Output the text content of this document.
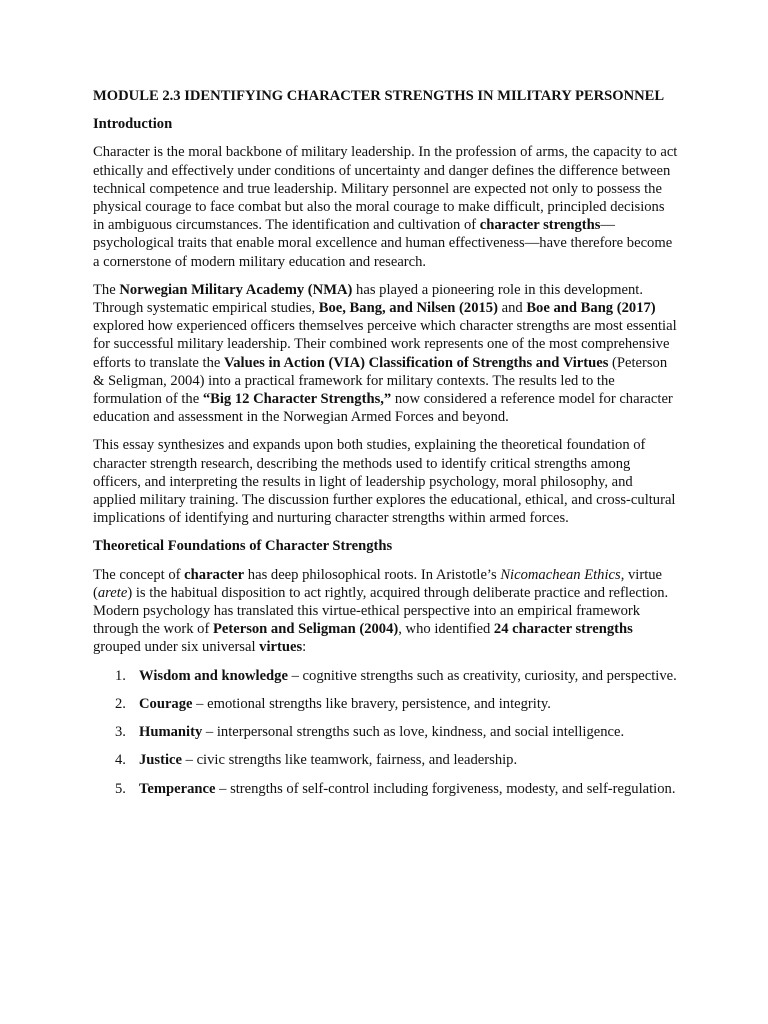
MODULE 2.3 IDENTIFYING CHARACTER STRENGTHS IN MILITARY PERSONNEL
Introduction
Character is the moral backbone of military leadership. In the profession of arms, the capacity to act ethically and effectively under conditions of uncertainty and danger defines the difference between technical competence and true leadership. Military personnel are expected not only to possess the physical courage to face combat but also the moral courage to make difficult, principled decisions in ambiguous circumstances. The identification and cultivation of character strengths—psychological traits that enable moral excellence and human effectiveness—have therefore become a cornerstone of modern military education and research.
The Norwegian Military Academy (NMA) has played a pioneering role in this development. Through systematic empirical studies, Boe, Bang, and Nilsen (2015) and Boe and Bang (2017) explored how experienced officers themselves perceive which character strengths are most essential for successful military leadership. Their combined work represents one of the most comprehensive efforts to translate the Values in Action (VIA) Classification of Strengths and Virtues (Peterson & Seligman, 2004) into a practical framework for military contexts. The results led to the formulation of the “Big 12 Character Strengths,” now considered a reference model for character education and assessment in the Norwegian Armed Forces and beyond.
This essay synthesizes and expands upon both studies, explaining the theoretical foundation of character strength research, describing the methods used to identify critical strengths among officers, and interpreting the results in light of leadership psychology, moral philosophy, and applied military training. The discussion further explores the educational, ethical, and cross-cultural implications of identifying and nurturing character strengths within armed forces.
Theoretical Foundations of Character Strengths
The concept of character has deep philosophical roots. In Aristotle’s Nicomachean Ethics, virtue (arete) is the habitual disposition to act rightly, acquired through deliberate practice and reflection. Modern psychology has translated this virtue-ethical perspective into an empirical framework through the work of Peterson and Seligman (2004), who identified 24 character strengths grouped under six universal virtues:
1. Wisdom and knowledge – cognitive strengths such as creativity, curiosity, and perspective.
2. Courage – emotional strengths like bravery, persistence, and integrity.
3. Humanity – interpersonal strengths such as love, kindness, and social intelligence.
4. Justice – civic strengths like teamwork, fairness, and leadership.
5. Temperance – strengths of self-control including forgiveness, modesty, and self-regulation.
